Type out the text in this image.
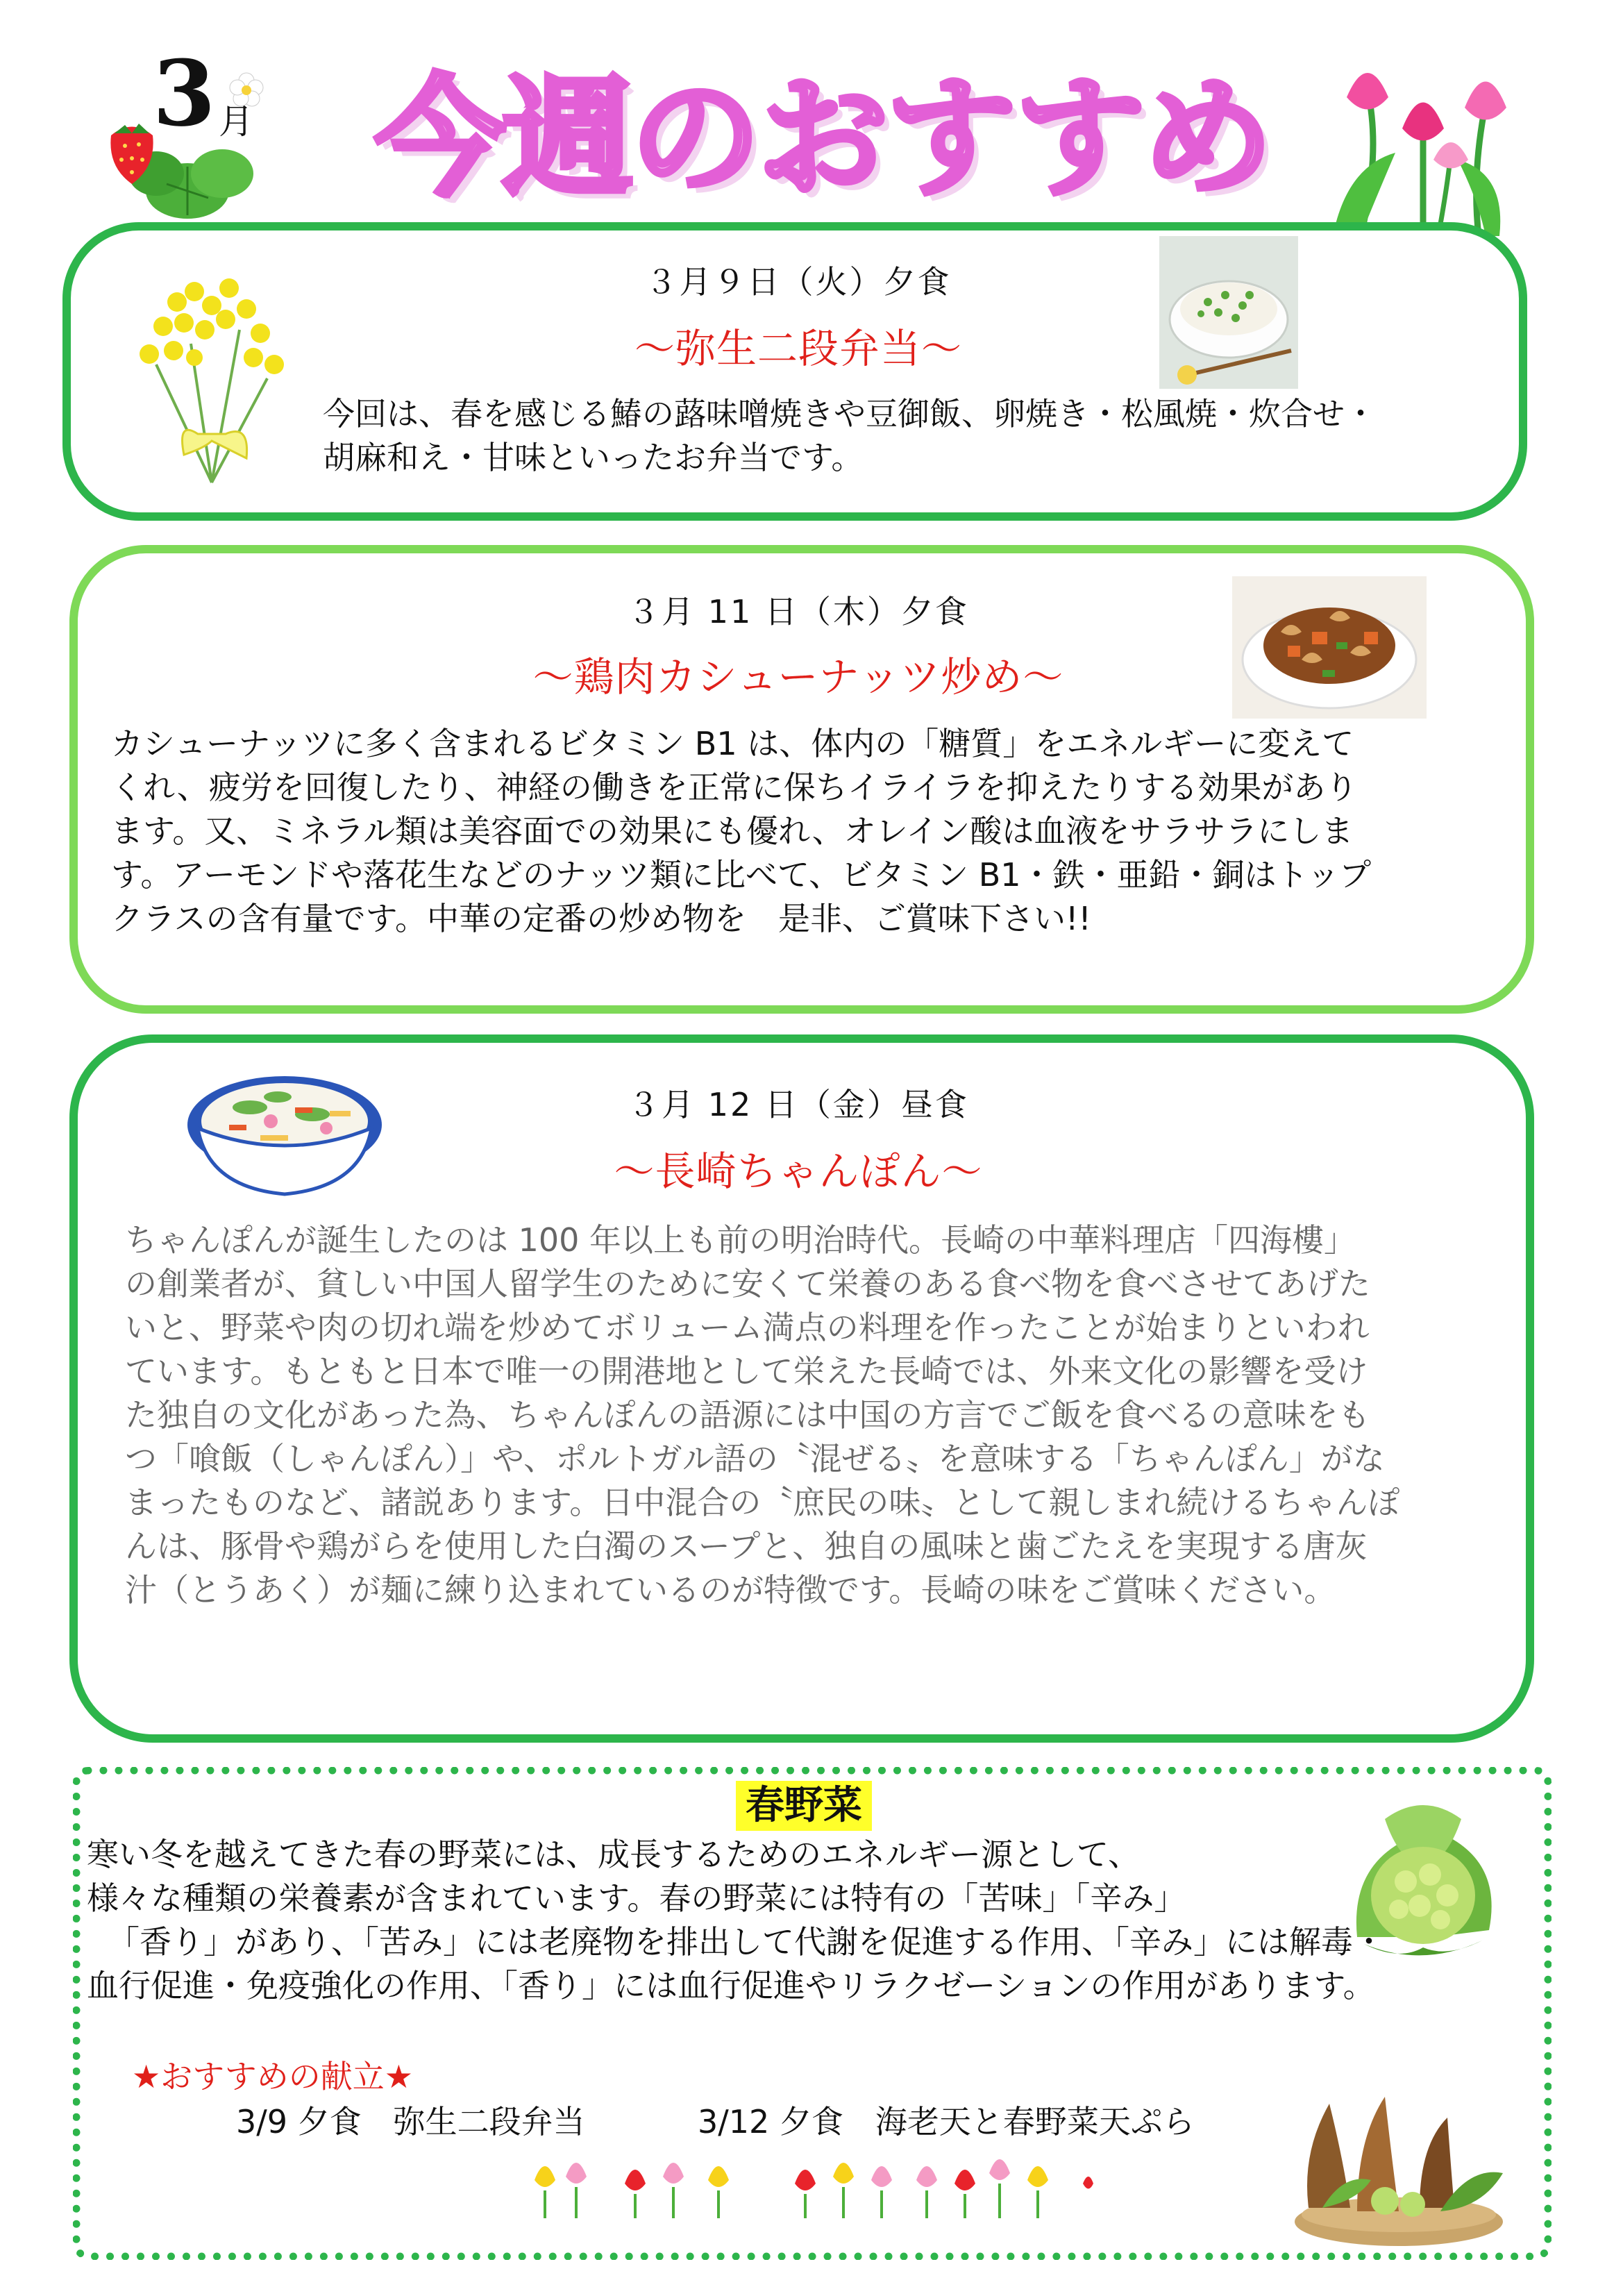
3 月 今週のおすすめ
３月９日（火）夕食
～弥生二段弁当～
今回は、春を感じる鰆の蕗味噌焼きや豆御飯、卵焼き・松風焼・炊合せ・
胡麻和え・甘味といったお弁当です。
３月 11 日（木）夕食
～鶏肉カシューナッツ炒め～
カシューナッツに多く含まれるビタミン B1 は、体内の「糖質」をエネルギーに変えて
くれ、疲労を回復したり、神経の働きを正常に保ちイライラを抑えたりする効果があり
ます。又、ミネラル類は美容面での効果にも優れ、オレイン酸は血液をサラサラにしま
す。アーモンドや落花生などのナッツ類に比べて、ビタミン B1・鉄・亜鉛・銅はトップ
クラスの含有量です。中華の定番の炒め物を　是非、ご賞味下さい!!
３月 12 日（金）昼食
～長崎ちゃんぽん～
ちゃんぽんが誕生したのは 100 年以上も前の明治時代。長崎の中華料理店「四海樓」
の創業者が、貧しい中国人留学生のために安くて栄養のある食べ物を食べさせてあげた
いと、野菜や肉の切れ端を炒めてボリューム満点の料理を作ったことが始まりといわれ
ています。もともと日本で唯一の開港地として栄えた長崎では、外来文化の影響を受け
た独自の文化があった為、ちゃんぽんの語源には中国の方言でご飯を食べるの意味をも
つ「喰飯（しゃんぽん）」や、ポルトガル語の〝混ぜる〟を意味する「ちゃんぽん」がな
まったものなど、諸説あります。日中混合の〝庶民の味〟として親しまれ続けるちゃんぽ
んは、豚骨や鶏がらを使用した白濁のスープと、独自の風味と歯ごたえを実現する唐灰
汁（とうあく）が麺に練り込まれているのが特徴です。長崎の味をご賞味ください。
春野菜
寒い冬を越えてきた春の野菜には、成長するためのエネルギー源として、
様々な種類の栄養素が含まれています。春の野菜には特有の「苦味」「辛み」
「香り」があり、「苦み」には老廃物を排出して代謝を促進する作用、「辛み」には解毒・
血行促進・免疫強化の作用、「香り」には血行促進やリラクゼーションの作用があります。
★おすすめの献立★
3/9 夕食　弥生二段弁当	3/12 夕食　海老天と春野菜天ぷら
